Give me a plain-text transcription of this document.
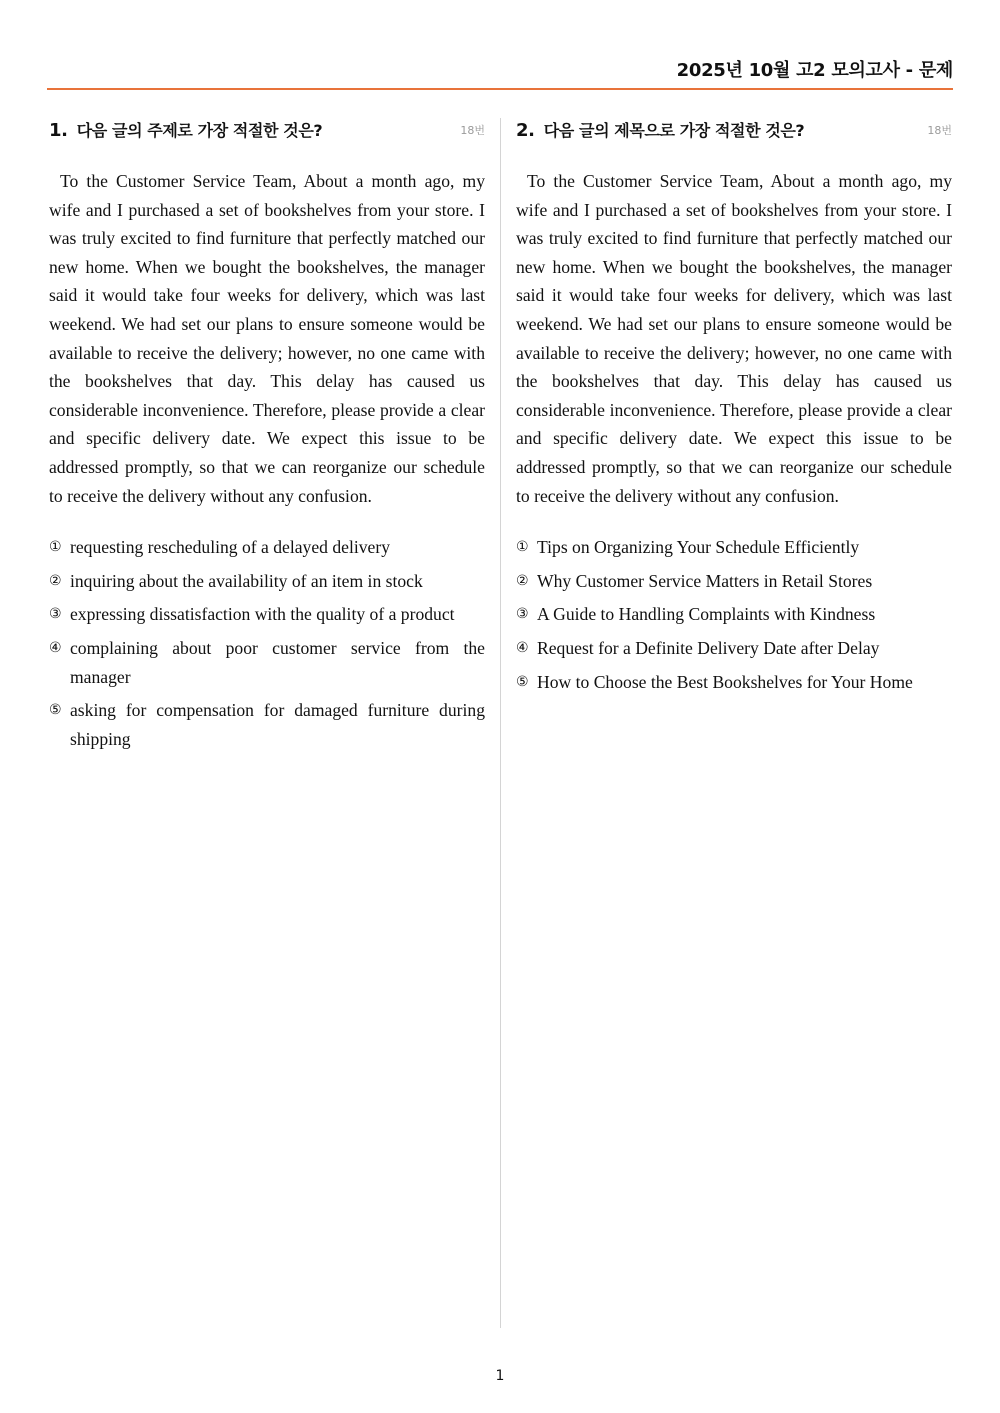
2025년 10월 고2 모의고사 - 문제
1. 다음 글의 주제로 가장 적절한 것은?	18번
To the Customer Service Team, About a month ago, my wife and I purchased a set of bookshelves from your store. I was truly excited to find furniture that perfectly matched our new home. When we bought the bookshelves, the manager said it would take four weeks for delivery, which was last weekend. We had set our plans to ensure someone would be available to receive the delivery; however, no one came with the bookshelves that day. This delay has caused us considerable inconvenience. Therefore, please provide a clear and specific delivery date. We expect this issue to be addressed promptly, so that we can reorganize our schedule to receive the delivery without any confusion.
① requesting rescheduling of a delayed delivery
② inquiring about the availability of an item in stock
③ expressing dissatisfaction with the quality of a product
④ complaining about poor customer service from the manager
⑤ asking for compensation for damaged furniture during shipping
2. 다음 글의 제목으로 가장 적절한 것은?	18번
To the Customer Service Team, About a month ago, my wife and I purchased a set of bookshelves from your store. I was truly excited to find furniture that perfectly matched our new home. When we bought the bookshelves, the manager said it would take four weeks for delivery, which was last weekend. We had set our plans to ensure someone would be available to receive the delivery; however, no one came with the bookshelves that day. This delay has caused us considerable inconvenience. Therefore, please provide a clear and specific delivery date. We expect this issue to be addressed promptly, so that we can reorganize our schedule to receive the delivery without any confusion.
① Tips on Organizing Your Schedule Efficiently
② Why Customer Service Matters in Retail Stores
③ A Guide to Handling Complaints with Kindness
④ Request for a Definite Delivery Date after Delay
⑤ How to Choose the Best Bookshelves for Your Home
1
